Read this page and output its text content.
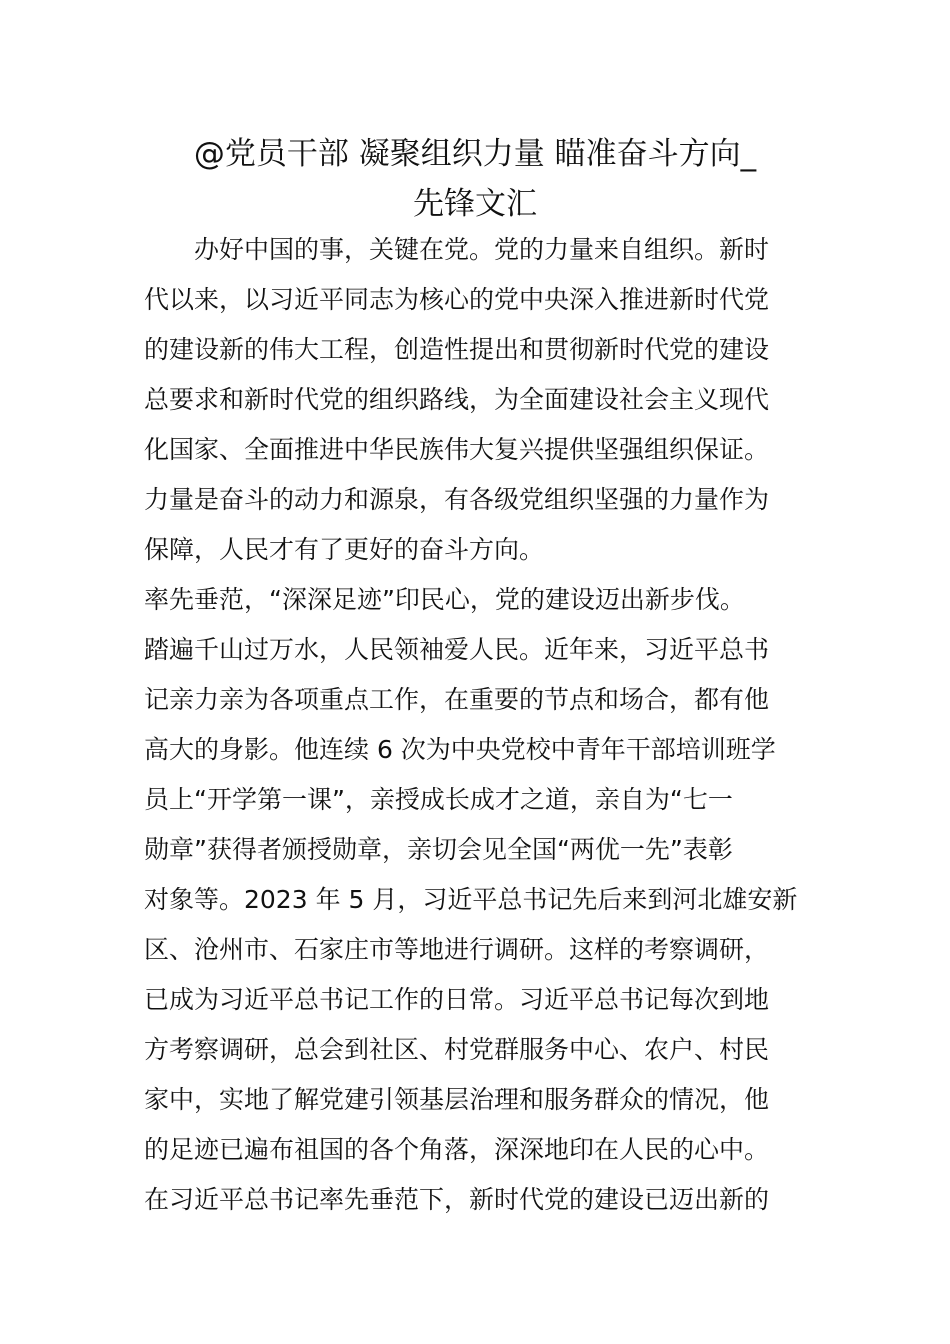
@党员干部 凝聚组织力量 瞄准奋斗方向_
先锋文汇
　　办好中国的事，关键在党。党的力量来自组织。新时
代以来，以习近平同志为核心的党中央深入推进新时代党
的建设新的伟大工程，创造性提出和贯彻新时代党的建设
总要求和新时代党的组织路线，为全面建设社会主义现代
化国家、全面推进中华民族伟大复兴提供坚强组织保证。
力量是奋斗的动力和源泉，有各级党组织坚强的力量作为
保障，人民才有了更好的奋斗方向。
率先垂范，“深深足迹”印民心，党的建设迈出新步伐。
踏遍千山过万水，人民领袖爱人民。近年来，习近平总书
记亲力亲为各项重点工作，在重要的节点和场合，都有他
高大的身影。他连续 6 次为中央党校中青年干部培训班学
员上“开学第一课”，亲授成长成才之道，亲自为“七一
勋章”获得者颁授勋章，亲切会见全国“两优一先”表彰
对象等。2023 年 5 月，习近平总书记先后来到河北雄安新
区、沧州市、石家庄市等地进行调研。这样的考察调研，
已成为习近平总书记工作的日常。习近平总书记每次到地
方考察调研，总会到社区、村党群服务中心、农户、村民
家中，实地了解党建引领基层治理和服务群众的情况，他
的足迹已遍布祖国的各个角落，深深地印在人民的心中。
在习近平总书记率先垂范下，新时代党的建设已迈出新的
